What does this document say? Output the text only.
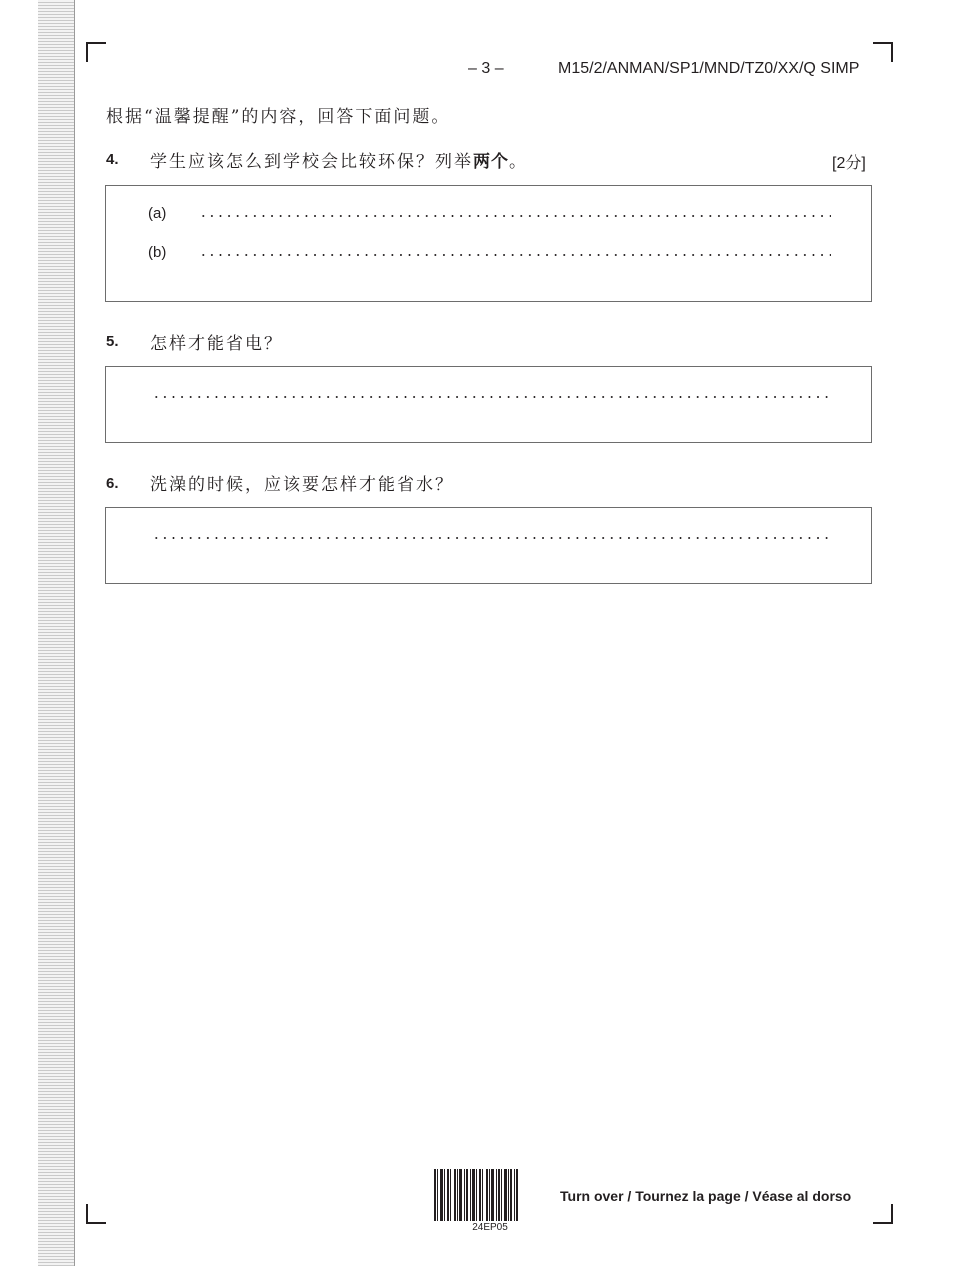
– 3 –	M15/2/ANMAN/SP1/MND/TZ0/XX/Q SIMP
根据“温馨提醒”的内容，回答下面问题。
4. 学生应该怎么到学校会比较环保？列举两个。	[2分]
(a)
(b)
5. 怎样才能省电？
6. 洗澡的时候，应该要怎样才能省水？
24EP05
Turn over / Tournez la page / Véase al dorso
